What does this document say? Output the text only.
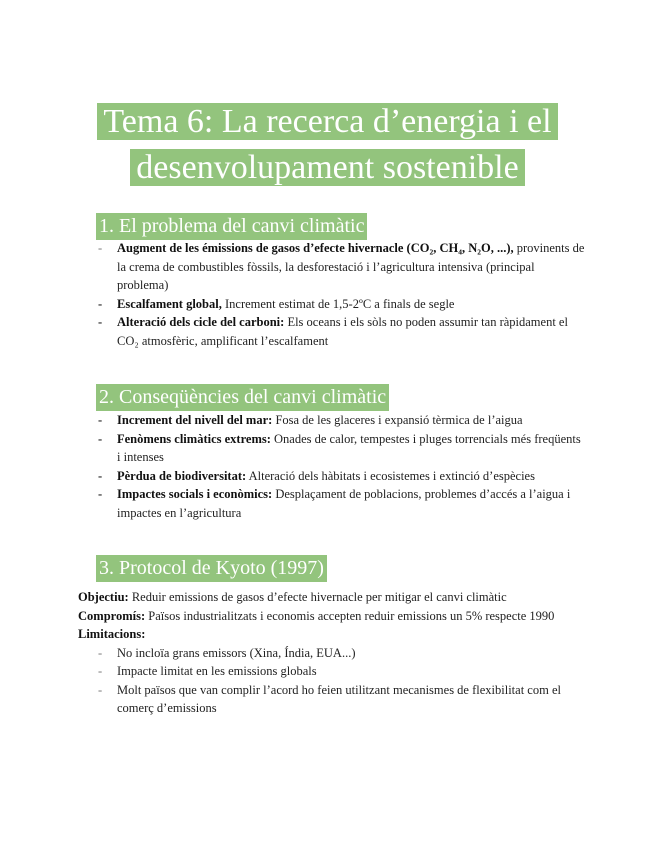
Tema 6: La recerca d’energia i el
desenvolupament sostenible
1. El problema del canvi climàtic
- Augment de les émissions de gasos d’efecte hivernacle (CO₂, CH₄, N₂O, ...), provinents de la crema de combustibles fòssils, la desforestació i l’agricultura intensiva (principal problema)
- Escalfament global, Increment estimat de 1,5-2ºC a finals de segle
- Alteració dels cicle del carboni: Els oceans i els sòls no poden assumir tan ràpidament el CO₂ atmosfèric, amplificant l’escalfament
2. Conseqüències del canvi climàtic
- Increment del nivell del mar: Fosa de les glaceres i expansió tèrmica de l’aigua
- Fenòmens climàtics extrems: Onades de calor, tempestes i pluges torrencials més freqüents i intenses
- Pèrdua de biodiversitat: Alteració dels hàbitats i ecosistemes i extinció d’espècies
- Impactes socials i econòmics: Desplaçament de poblacions, problemes d’accés a l’aigua i impactes en l’agricultura
3. Protocol de Kyoto (1997)
Objectiu: Reduir emissions de gasos d’efecte hivernacle per mitigar el canvi climàtic
Compromís: Països industrialitzats i economis accepten reduir emissions un 5% respecte 1990
Limitacions:
- No incloïa grans emissors (Xina, Índia, EUA...)
- Impacte limitat en les emissions globals
- Molt països que van complir l’acord ho feien utilitzant mecanismes de flexibilitat com el comerç d’emissions
